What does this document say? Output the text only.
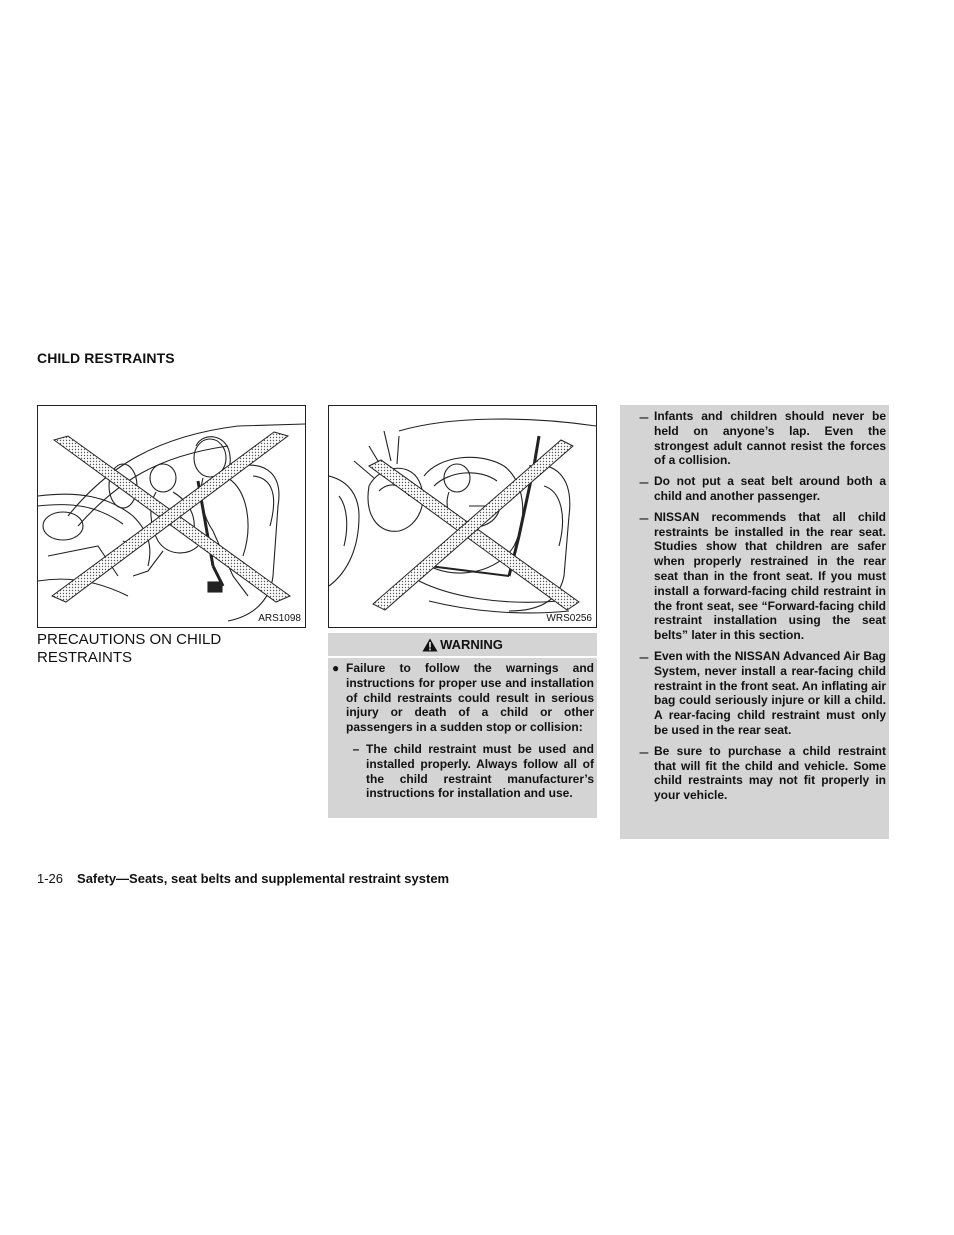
CHILD RESTRAINTS
ARS1098	WRS0256
PRECAUTIONS ON CHILD RESTRAINTS
WARNING
● Failure to follow the warnings and instructions for proper use and installation of child restraints could result in serious injury or death of a child or other passengers in a sudden stop or collision:
– The child restraint must be used and installed properly. Always follow all of the child restraint manufacturer’s instructions for installation and use.
– Infants and children should never be held on anyone’s lap. Even the strongest adult cannot resist the forces of a collision.
– Do not put a seat belt around both a child and another passenger.
– NISSAN recommends that all child restraints be installed in the rear seat. Studies show that children are safer when properly restrained in the rear seat than in the front seat. If you must install a forward-facing child restraint in the front seat, see “Forward-facing child restraint installation using the seat belts” later in this section.
– Even with the NISSAN Advanced Air Bag System, never install a rear-facing child restraint in the front seat. An inflating air bag could seriously injure or kill a child. A rear-facing child restraint must only be used in the rear seat.
– Be sure to purchase a child restraint that will fit the child and vehicle. Some child restraints may not fit properly in your vehicle.
1-26 Safety—Seats, seat belts and supplemental restraint system
